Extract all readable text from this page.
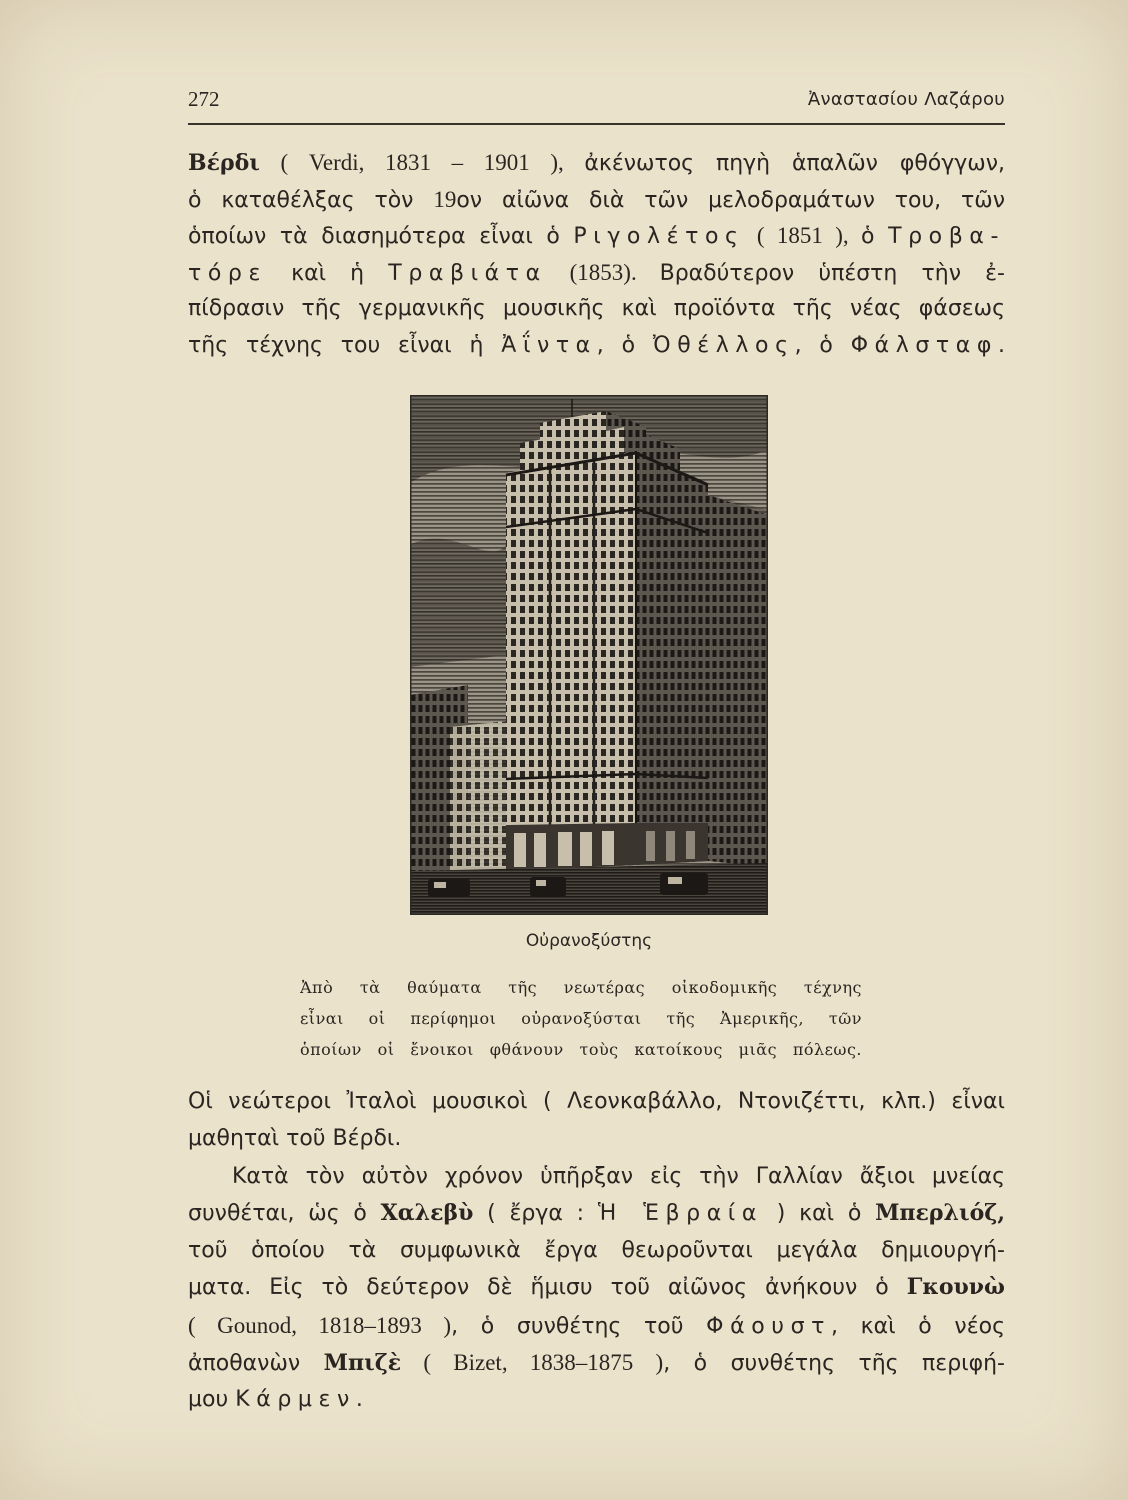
272	Ἀναστασίου Λαζάρου
Βέρδι ( Verdi, 1831 – 1901 ), ἀκένωτος πηγὴ ἁπαλῶν φθόγγων,
ὁ καταθέλξας τὸν 19ον αἰῶνα διὰ τῶν μελοδραμάτων του, τῶν
ὁποίων τὰ διασημότερα εἶναι ὁ Ριγολέτος ( 1851 ), ὁ Τροβα-
τόρε καὶ ἡ Τραβιάτα (1853). Βραδύτερον ὑπέστη τὴν ἐ-
πίδρασιν τῆς γερμανικῆς μουσικῆς καὶ προϊόντα τῆς νέας φάσεως
τῆς τέχνης του εἶναι ἡ Ἀΐντα, ὁ Ὀθέλλος, ὁ Φάλσταφ.
Οὐρανοξύστης
Ἀπὸ τὰ θαύματα τῆς νεωτέρας οἰκοδομικῆς τέχνης
εἶναι οἱ περίφημοι οὐρανοξύσται τῆς Ἀμερικῆς, τῶν
ὁποίων οἱ ἔνοικοι φθάνουν τοὺς κατοίκους μιᾶς πόλεως.
Οἱ νεώτεροι Ἰταλοὶ μουσικοὶ ( Λεονκαβάλλο, Ντονιζέττι, κλπ.) εἶναι
μαθηταὶ τοῦ Βέρδι.
Κατὰ τὸν αὐτὸν χρόνον ὑπῆρξαν εἰς τὴν Γαλλίαν ἄξιοι μνείας
συνθέται, ὡς ὁ Χαλεβὺ ( ἔργα : Ἡ Ἑβραία ) καὶ ὁ Μπερλιόζ,
τοῦ ὁποίου τὰ συμφωνικὰ ἔργα θεωροῦνται μεγάλα δημιουργή-
ματα. Εἰς τὸ δεύτερον δὲ ἥμισυ τοῦ αἰῶνος ἀνήκουν ὁ Γκουνὼ
( Gounod, 1818–1893 ), ὁ συνθέτης τοῦ Φάουστ, καὶ ὁ νέος
ἀποθανὼν Μπιζὲ ( Bizet, 1838–1875 ), ὁ συνθέτης τῆς περιφή-
μου Κάρμεν.
